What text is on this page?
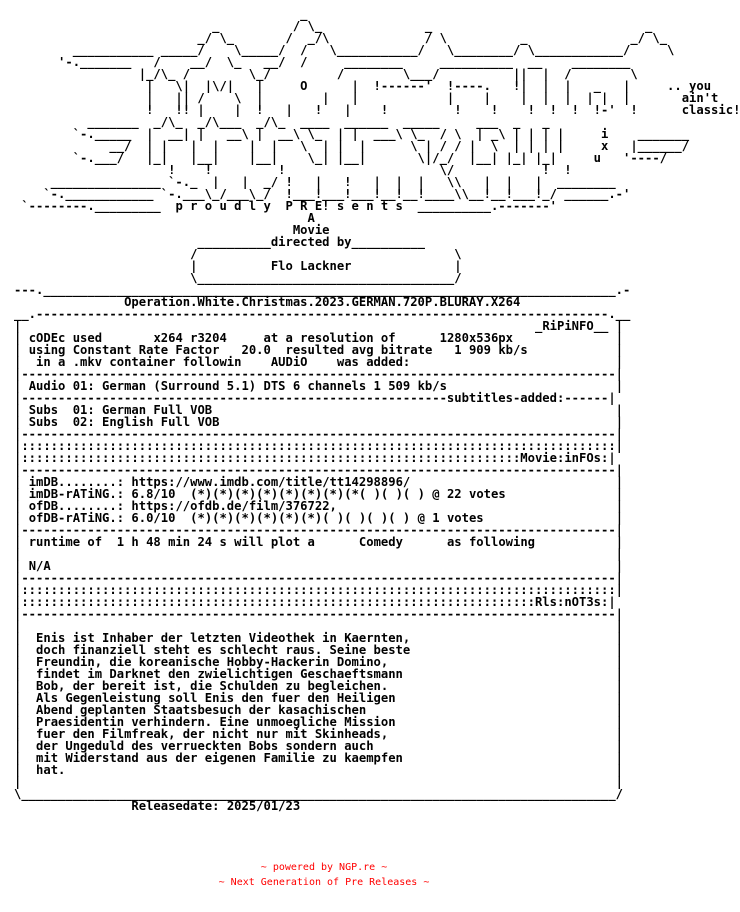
_
_          / \_              _                             _
_/ \_       /  _/\             / \          _              _/ \_
___________ _____/    \_____/  /   \___________/   \________/ \____________/     \
'-._______   /    __/  \_   __/  /     ________     __________  __    ________
|_/\_ /        \_/         /        \___/          ||  |  /        \
|   \|  |\/|   |     O      |  !------'  !----.   !|  |  |   _   |     .. you
|   || /    \  |        |   |            |    |    |  |  |  | |  |       ain't
!   !! |    |  !   |   !   |    !         !    !    !  !  !  !-'  !      classic!
_______  _/\_  _/\___  _/\_  ____  ______  _____     ___  _   _
`-._____  |  __| |   __\ |  __\ \_  | |  ___\ \_  / \  | _\ | | | |     i    _______
__/  | |   |  |    |  |   \  | |  |      \ | / / |  \  | | | |     x   |______/
`-.___/   |_|   |__|    |__|    \_| |__|       \|/_/  |__| |_| |_|     u   '----/
!    !         !                     \/            !  !
_______________ `-._  |   |  _/ !   |   !   |  |  |   \\   |  |   |  ________
`-.____________ `-.___\_/___\_/  !___!___!___!__!__!____\\__!__!___!_/ ______.-'
`--------._________  p r o u d l y  P R E! s e n t s  __________.-------'
A
Movie
__________directed by__________
/                                   \
|	Flo Lackner	|
\___________________________________/
---.______________________________________________________________________________.-
Operation.White.Christmas.2023.GERMAN.720P.BLURAY.X264
__.------------------------------------------------------------------------------.__
|                                                                      _RiPiNFO__ |
| cODEc used	x264 r3204	at a resolution of	1280x536px	|
| using Constant Rate Factor 20.0 resulted avg bitrate 1 909 kb/s	|
|  in a .mkv container followin AUDiO was added:	|
|---------------------------------------------------------------------------------|
| Audio 01: German (Surround 5.1) DTS 6 channels 1 509 kb/s	|
|----------------------------------------------------------subtitles-added:------|
| Subs  01: German Full VOB	|
| Subs  02: English Full VOB	|
|---------------------------------------------------------------------------------|
|:::::::::::::::::::::::::::::::::::::::::::::::::::::::::::::::::::::::::::::::::|
|::::::::::::::::::::::::::::::::::::::::::::::::::::::::::::::::::::Movie:inFOs:|
|---------------------------------------------------------------------------------|
| imDB........: https://www.imdb.com/title/tt14298896/	|
| imDB-rATiNG.: 6.8/10 (*)(*)(*)(*)(*)(*)(*)(*( )( )( ) @ 22 votes	|
| ofDB........: https://ofdb.de/film/376722,	|
| ofDB-rATiNG.: 6.0/10 (*)(*)(*)(*)(*)(*)( )( )( )( ) @ 1 votes	|
|---------------------------------------------------------------------------------|
| runtime of  1 h 48 min 24 s will plot a	Comedy	as following	|
|                                                                                 |
| N/A	|
|---------------------------------------------------------------------------------|
|:::::::::::::::::::::::::::::::::::::::::::::::::::::::::::::::::::::::::::::::::|
|::::::::::::::::::::::::::::::::::::::::::::::::::::::::::::::::::::::Rls:nOT3s:|
|---------------------------------------------------------------------------------|
|                                                                                 |
|  Enis ist Inhaber der letzten Videothek in Kaernten,	|
|  doch finanziell steht es schlecht raus. Seine beste	|
|  Freundin, die koreanische Hobby-Hackerin Domino,	|
|  findet im Darknet den zwielichtigen Geschaeftsmann	|
|  Bob, der bereit ist, die Schulden zu begleichen.	|
|  Als Gegenleistung soll Enis den fuer den Heiligen	|
|  Abend geplanten Staatsbesuch der kasachischen	|
|  Praesidentin verhindern. Eine unmoegliche Mission	|
|  fuer den Filmfreak, der nicht nur mit Skinheads,	|
|  der Ungeduld des verrueckten Bobs sondern auch	|
|  mit Widerstand aus der eigenen Familie zu kaempfen	|
|  hat.	|
|                                                                                 |
\_________________________________________________________________________________/
Releasedate: 2025/01/23
~ powered by NGP.re ~
~ Next Generation of Pre Releases ~
